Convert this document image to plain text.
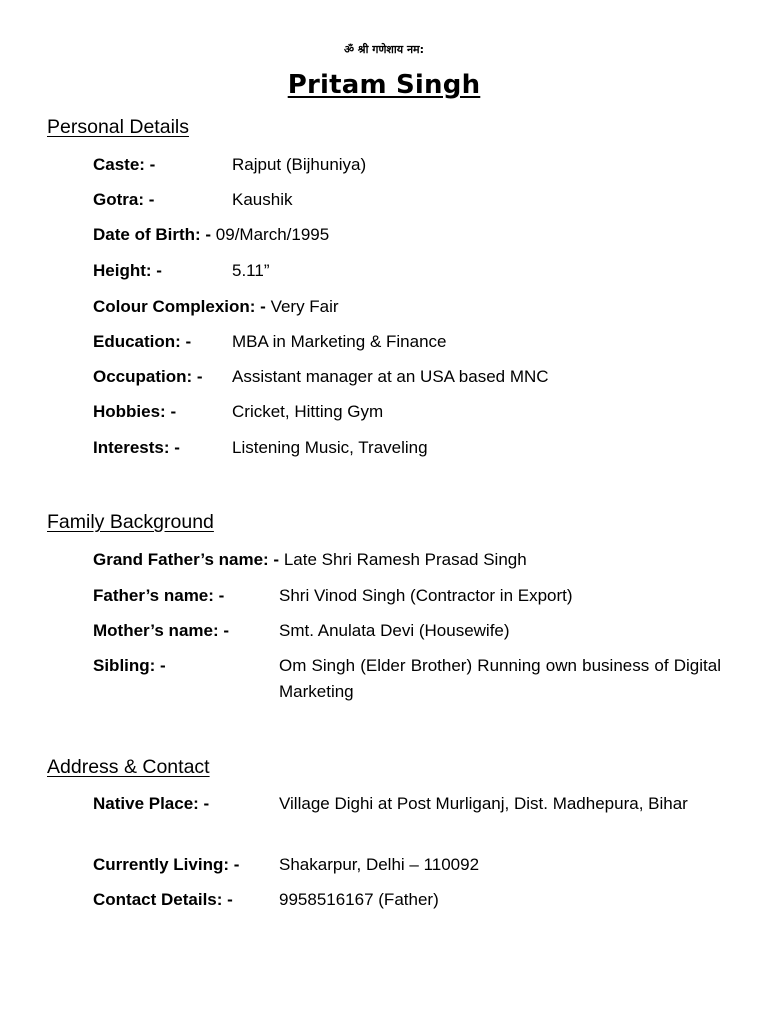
ॐ श्री गणेशाय नम:
Pritam Singh
Personal Details
Caste: -	Rajput (Bijhuniya)
Gotra: -	Kaushik
Date of Birth: - 09/March/1995
Height: -	5.11”
Colour Complexion: - Very Fair
Education: - MBA in Marketing & Finance
Occupation: - Assistant manager at an USA based MNC
Hobbies: -	Cricket, Hitting Gym
Interests: -	Listening Music, Traveling
Family Background
Grand Father’s name: - Late Shri Ramesh Prasad Singh
Father’s name: -	Shri Vinod Singh (Contractor in Export)
Mother’s name: -	Smt. Anulata Devi (Housewife)
Sibling: -	Om Singh (Elder Brother) Running own business of Digital Marketing
Address & Contact
Native Place: -	Village Dighi at Post Murliganj, Dist. Madhepura, Bihar
Currently Living: - Shakarpur, Delhi – 110092
Contact Details: -	9958516167 (Father)
